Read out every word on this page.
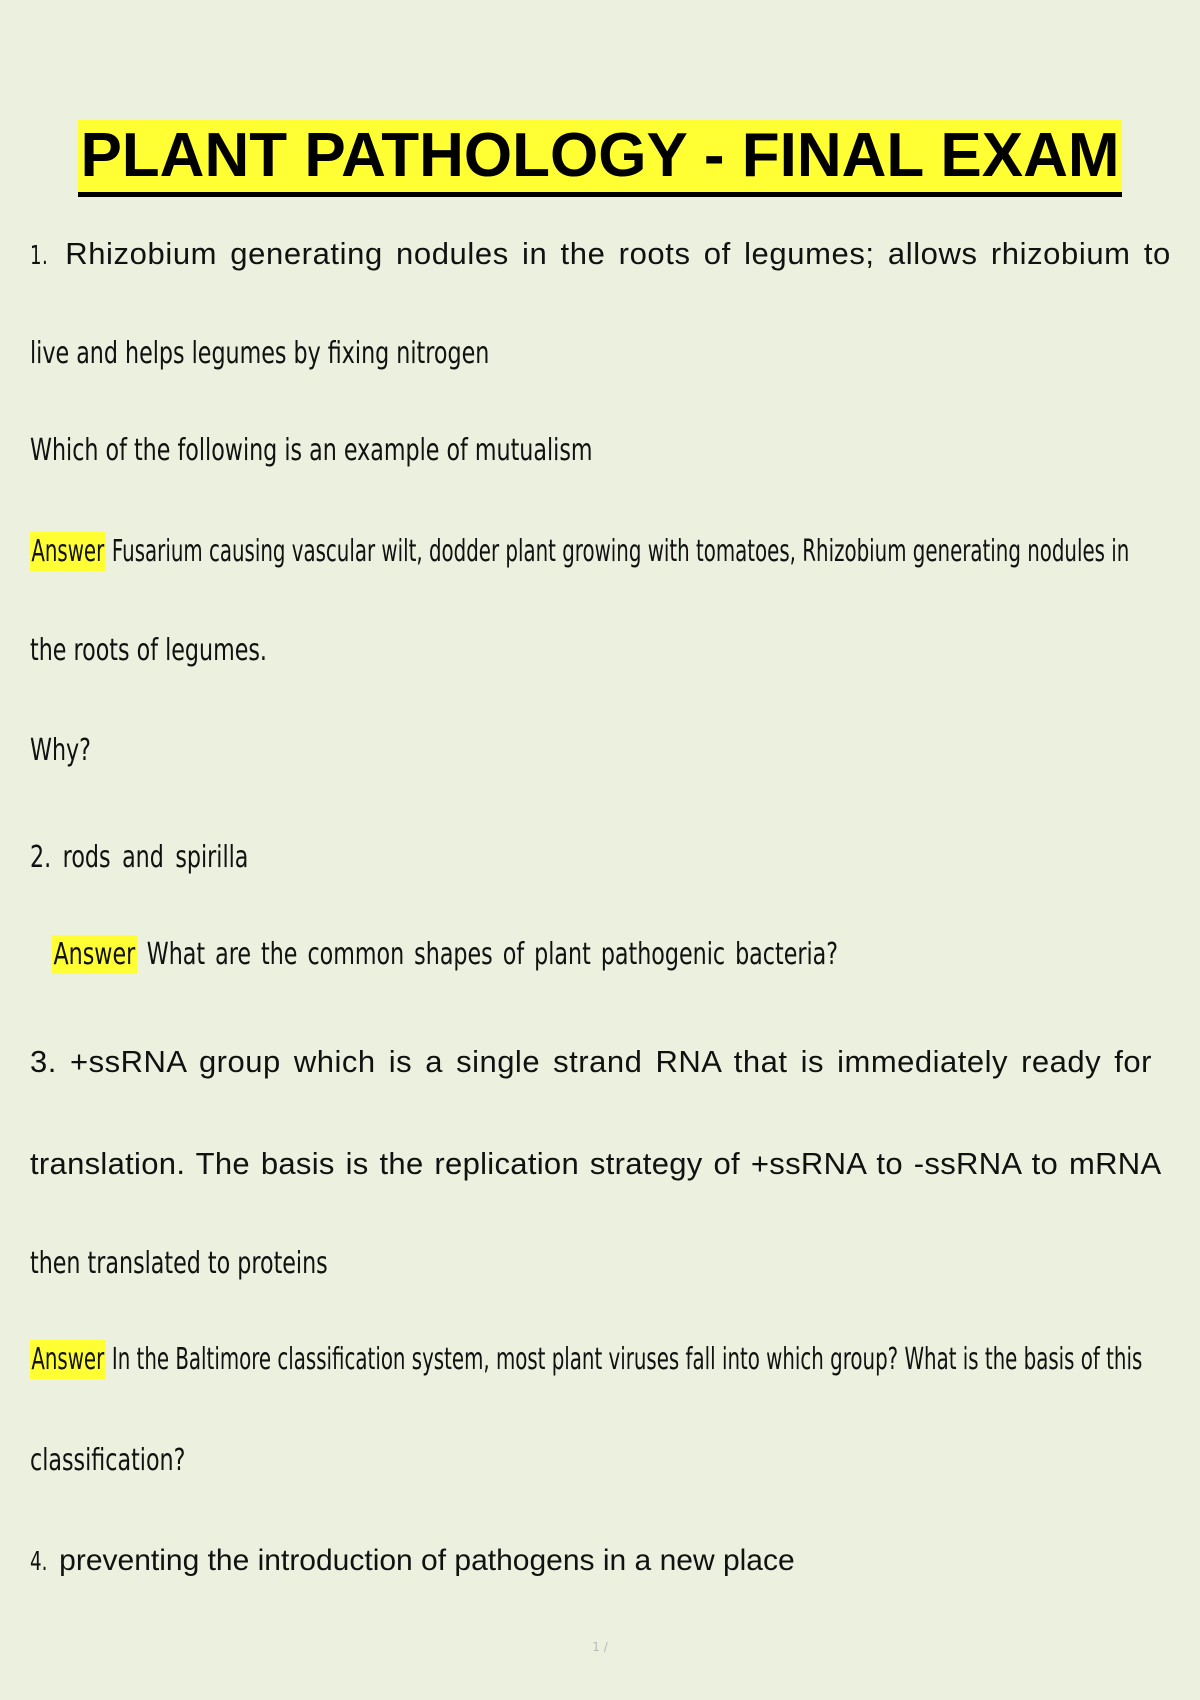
PLANT PATHOLOGY - FINAL EXAM
1. Rhizobium generating nodules in the roots of legumes; allows rhizobium to
live and helps legumes by fixing nitrogen
Which of the following is an example of mutualism
Answer Fusarium causing vascular wilt, dodder plant growing with tomatoes, Rhizobium generating nodules in
the roots of legumes.
Why?
2. rods and spirilla
Answer What are the common shapes of plant pathogenic bacteria?
3. +ssRNA group which is a single strand RNA that is immediately ready for
translation. The basis is the replication strategy of +ssRNA to -ssRNA to mRNA
then translated to proteins
Answer In the Baltimore classification system, most plant viruses fall into which group? What is the basis of this
classification?
4. preventing the introduction of pathogens in a new place
1 /
